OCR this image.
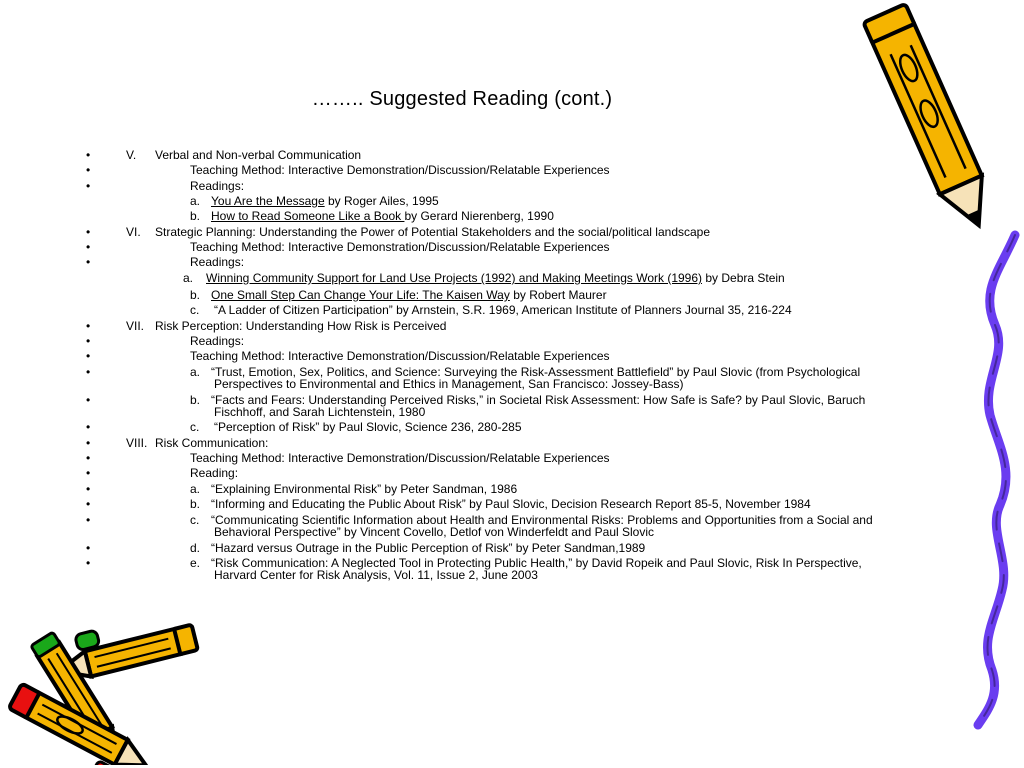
…….. Suggested Reading (cont.)
•	V. Verbal and Non-verbal Communication
•	Teaching Method: Interactive Demonstration/Discussion/Relatable Experiences
•	Readings:
a. You Are the Message by Roger Ailes, 1995
b. How to Read Someone Like a Book by Gerard Nierenberg, 1990
•	VI. Strategic Planning: Understanding the Power of Potential Stakeholders and the social/political landscape
•	Teaching Method: Interactive Demonstration/Discussion/Relatable Experiences
•	Readings:
a. Winning Community Support for Land Use Projects (1992) and Making Meetings Work (1996) by Debra Stein
b. One Small Step Can Change Your Life: The Kaisen Way by Robert Maurer
c. “A Ladder of Citizen Participation” by Arnstein, S.R. 1969, American Institute of Planners Journal 35, 216-224
•	VII. Risk Perception: Understanding How Risk is Perceived
•	Readings:
•	Teaching Method: Interactive Demonstration/Discussion/Relatable Experiences
•	a. “Trust, Emotion, Sex, Politics, and Science: Surveying the Risk-Assessment Battlefield” by Paul Slovic (from Psychological
Perspectives to Environmental and Ethics in Management, San Francisco: Jossey-Bass)
•	b. “Facts and Fears: Understanding Perceived Risks,” in Societal Risk Assessment: How Safe is Safe? by Paul Slovic, Baruch
Fischhoff, and Sarah Lichtenstein, 1980
•	c. “Perception of Risk” by Paul Slovic, Science 236, 280-285
•	VIII. Risk Communication:
•	Teaching Method: Interactive Demonstration/Discussion/Relatable Experiences
•	Reading:
•	a. “Explaining Environmental Risk” by Peter Sandman, 1986
•	b. “Informing and Educating the Public About Risk” by Paul Slovic, Decision Research Report 85-5, November 1984
•	c. “Communicating Scientific Information about Health and Environmental Risks: Problems and Opportunities from a Social and
Behavioral Perspective” by Vincent Covello, Detlof von Winderfeldt and Paul Slovic
•	d. “Hazard versus Outrage in the Public Perception of Risk” by Peter Sandman,1989
•	e. “Risk Communication: A Neglected Tool in Protecting Public Health,” by David Ropeik and Paul Slovic, Risk In Perspective,
Harvard Center for Risk Analysis, Vol. 11, Issue 2, June 2003
